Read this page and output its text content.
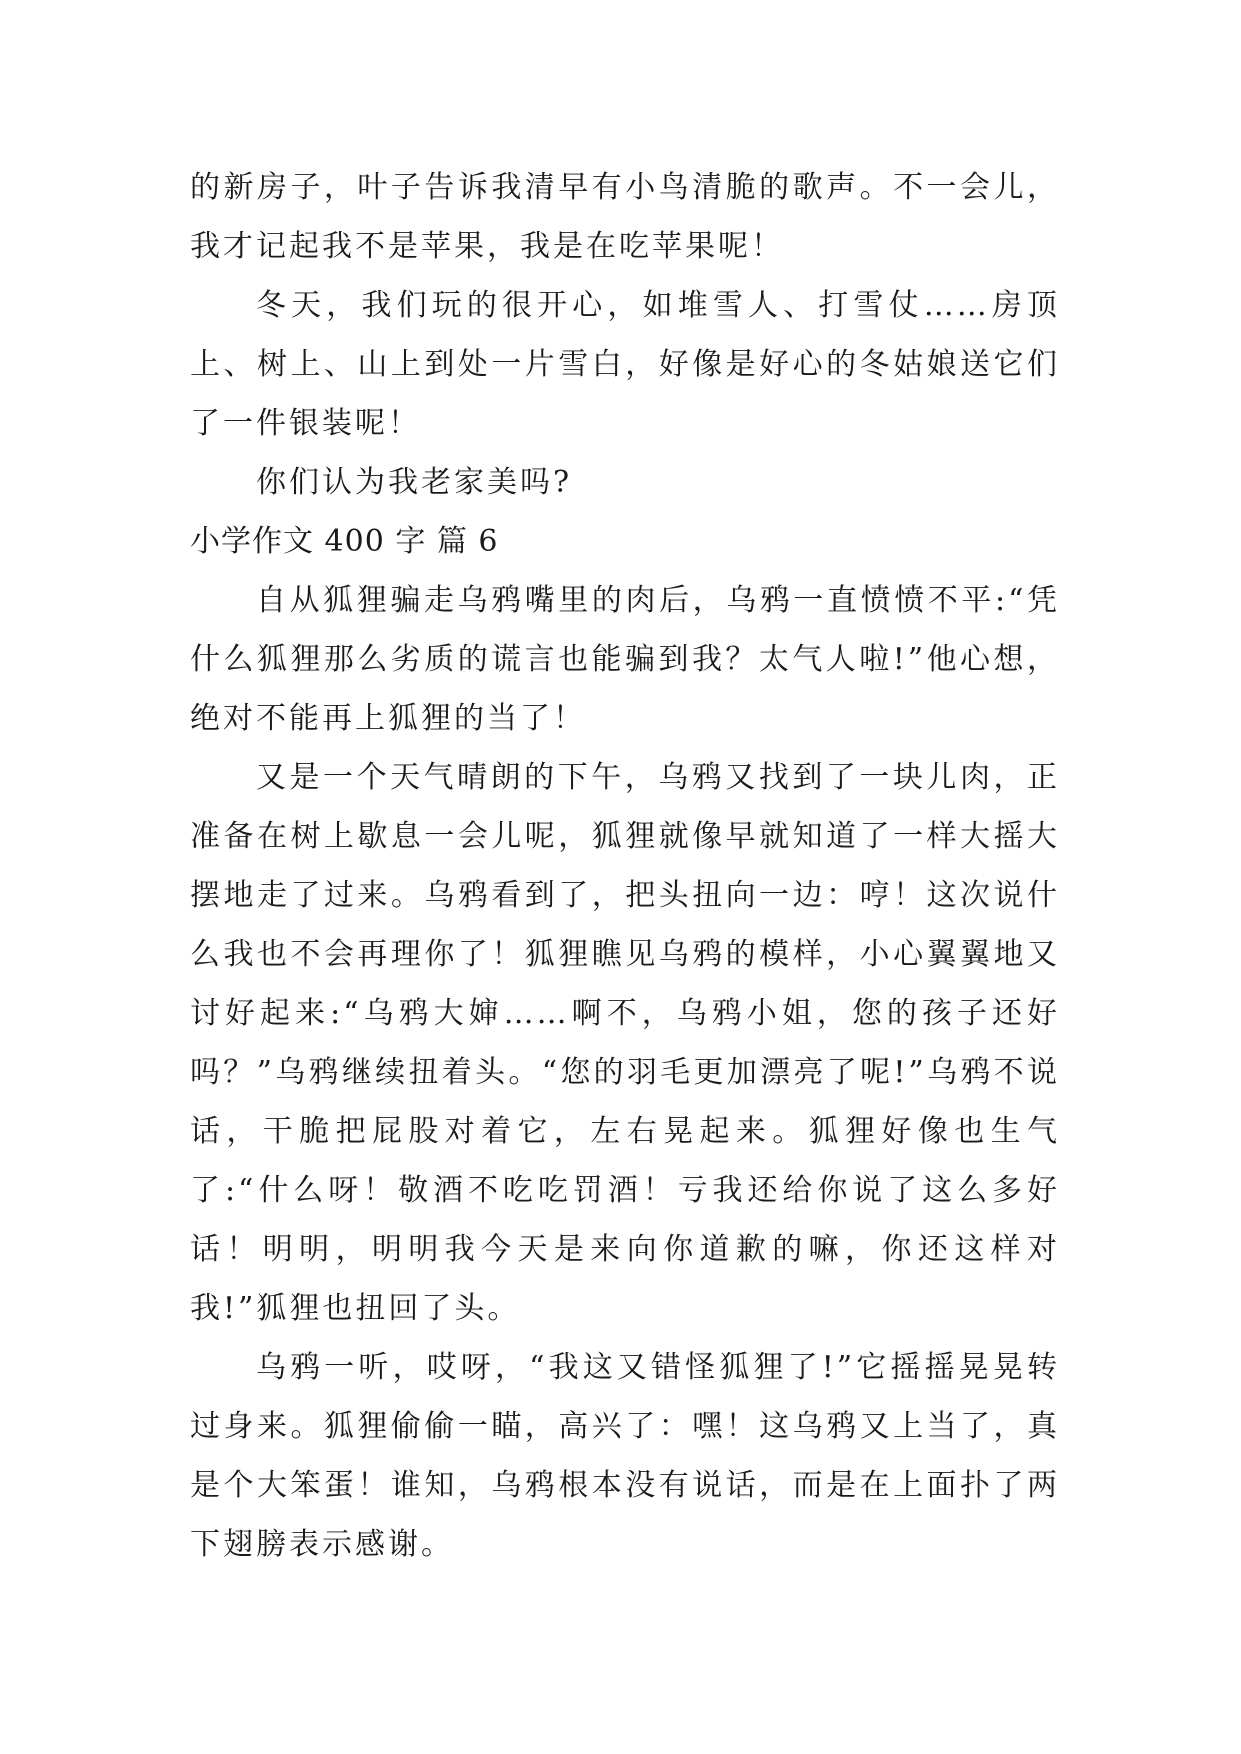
的新房子，叶子告诉我清早有小鸟清脆的歌声。不一会儿，我才记起我不是苹果，我是在吃苹果呢！

冬天，我们玩的很开心，如堆雪人、打雪仗……房顶上、树上、山上到处一片雪白，好像是好心的冬姑娘送它们了一件银装呢！

你们认为我老家美吗?

小学作文 400 字 篇 6

自从狐狸骗走乌鸦嘴里的肉后，乌鸦一直愤愤不平:“凭什么狐狸那么劣质的谎言也能骗到我？太气人啦!”他心想，绝对不能再上狐狸的当了！

又是一个天气晴朗的下午，乌鸦又找到了一块儿肉，正准备在树上歇息一会儿呢，狐狸就像早就知道了一样大摇大摆地走了过来。乌鸦看到了，把头扭向一边：哼！这次说什么我也不会再理你了！狐狸瞧见乌鸦的模样，小心翼翼地又讨好起来:“乌鸦大婶……啊不，乌鸦小姐，您的孩子还好吗？”乌鸦继续扭着头。“您的羽毛更加漂亮了呢!”乌鸦不说话，干脆把屁股对着它，左右晃起来。狐狸好像也生气了:“什么呀！敬酒不吃吃罚酒！亏我还给你说了这么多好话！明明，明明我今天是来向你道歉的嘛，你还这样对我!”狐狸也扭回了头。

乌鸦一听，哎呀，“我这又错怪狐狸了!”它摇摇晃晃转过身来。狐狸偷偷一瞄，高兴了：嘿！这乌鸦又上当了，真是个大笨蛋！谁知，乌鸦根本没有说话，而是在上面扑了两下翅膀表示感谢。
